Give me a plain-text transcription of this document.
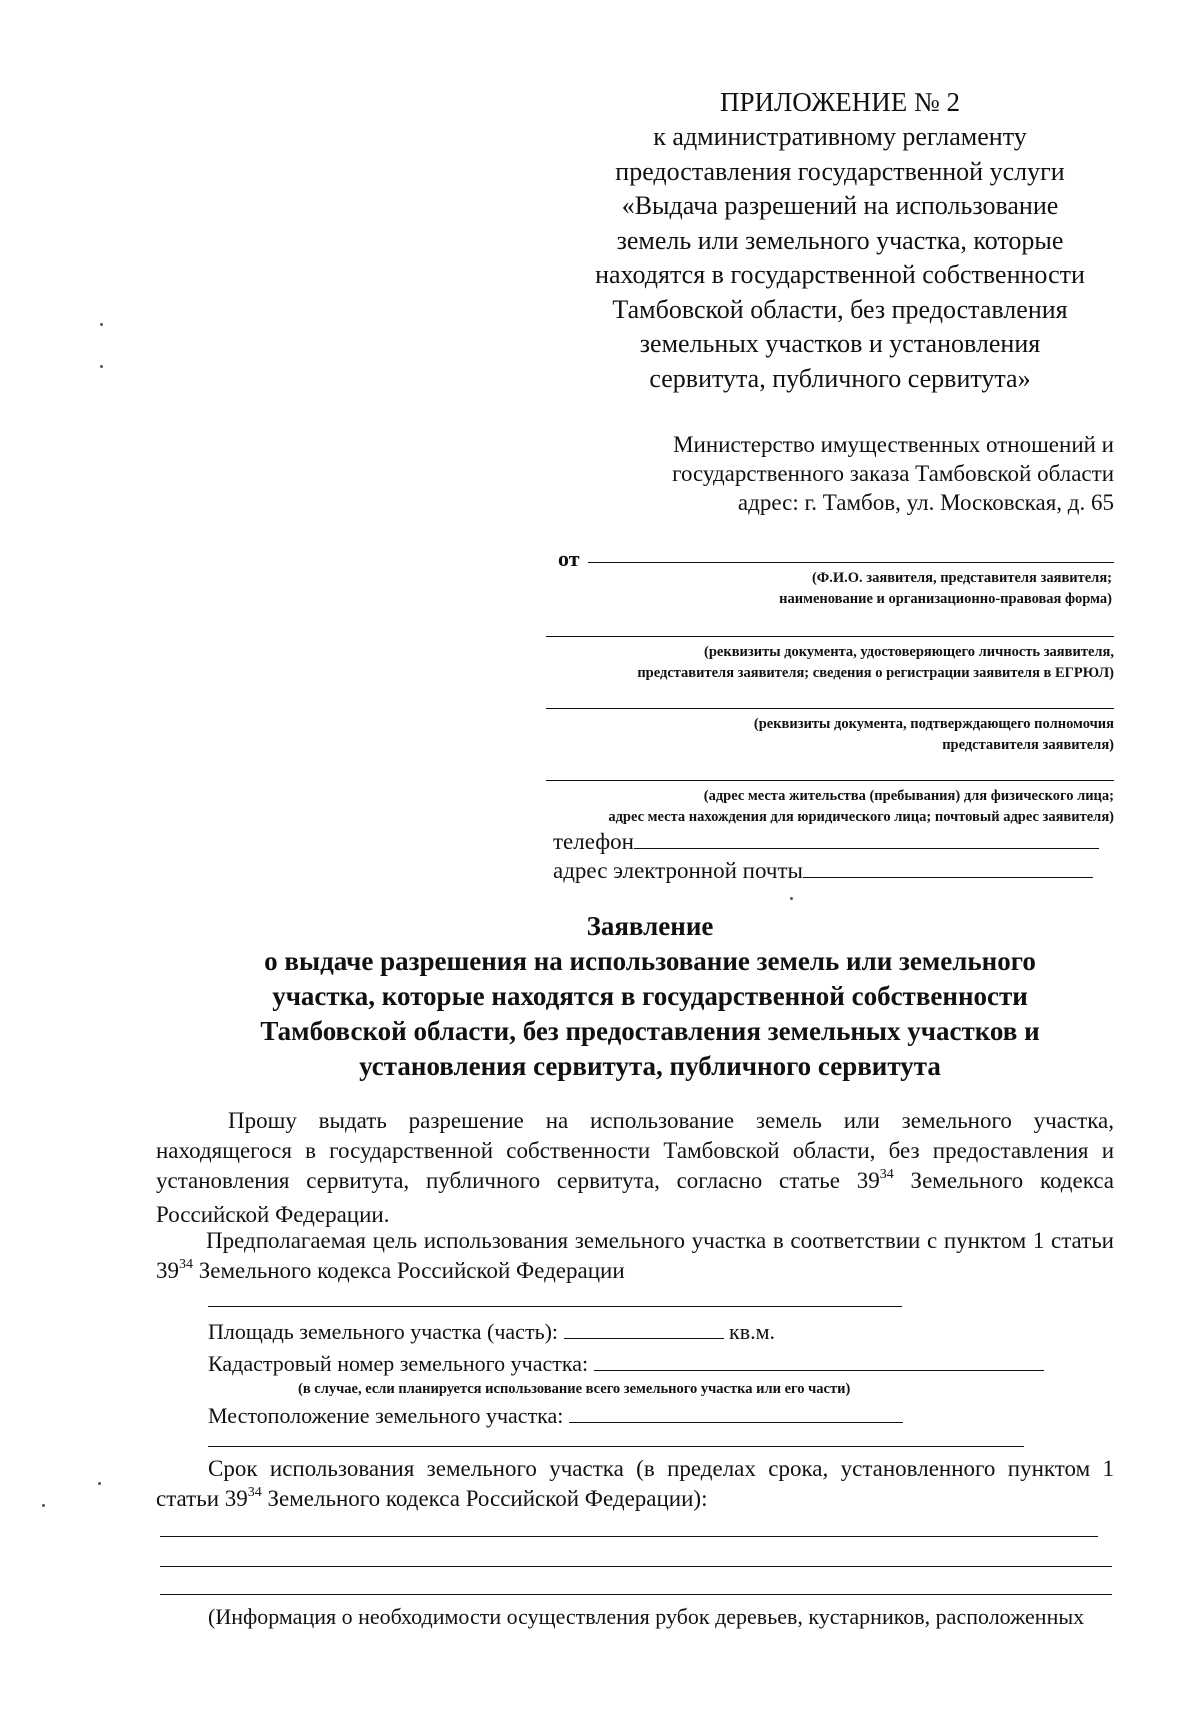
ПРИЛОЖЕНИЕ № 2
к административному регламенту
предоставления государственной услуги
«Выдача разрешений на использование
земель или земельного участка, которые
находятся в государственной собственности
Тамбовской области, без предоставления
земельных участков и установления
сервитута, публичного сервитута»
Министерство имущественных отношений и
государственного заказа Тамбовской области
адрес: г. Тамбов, ул. Московская, д. 65
от
(Ф.И.О. заявителя, представителя заявителя;
наименование и организационно-правовая форма)
(реквизиты документа, удостоверяющего личность заявителя,
представителя заявителя; сведения о регистрации заявителя в ЕГРЮЛ)
(реквизиты документа, подтверждающего полномочия
представителя заявителя)
(адрес места жительства (пребывания) для физического лица;
адрес места нахождения для юридического лица; почтовый адрес заявителя)
телефон
адрес электронной почты
Заявление
о выдаче разрешения на использование земель или земельного
участка, которые находятся в государственной собственности
Тамбовской области, без предоставления земельных участков и
установления сервитута, публичного сервитута
Прошу выдать разрешение на использование земель или земельного участка, находящегося в государственной собственности Тамбовской области, без предоставления и установления сервитута, публичного сервитута, согласно статье $39^{34}$ Земельного кодекса Российской Федерации.
Предполагаемая цель использования земельного участка в соответствии с пунктом 1 статьи $39^{34}$ Земельного кодекса Российской Федерации
Площадь земельного участка (часть):	кв.м.
Кадастровый номер земельного участка:
(в случае, если планируется использование всего земельного участка или его части)
Местоположение земельного участка:
Срок использования земельного участка (в пределах срока, установленного пунктом 1 статьи $39^{34}$ Земельного кодекса Российской Федерации):
(Информация о необходимости осуществления рубок деревьев, кустарников, расположенных
